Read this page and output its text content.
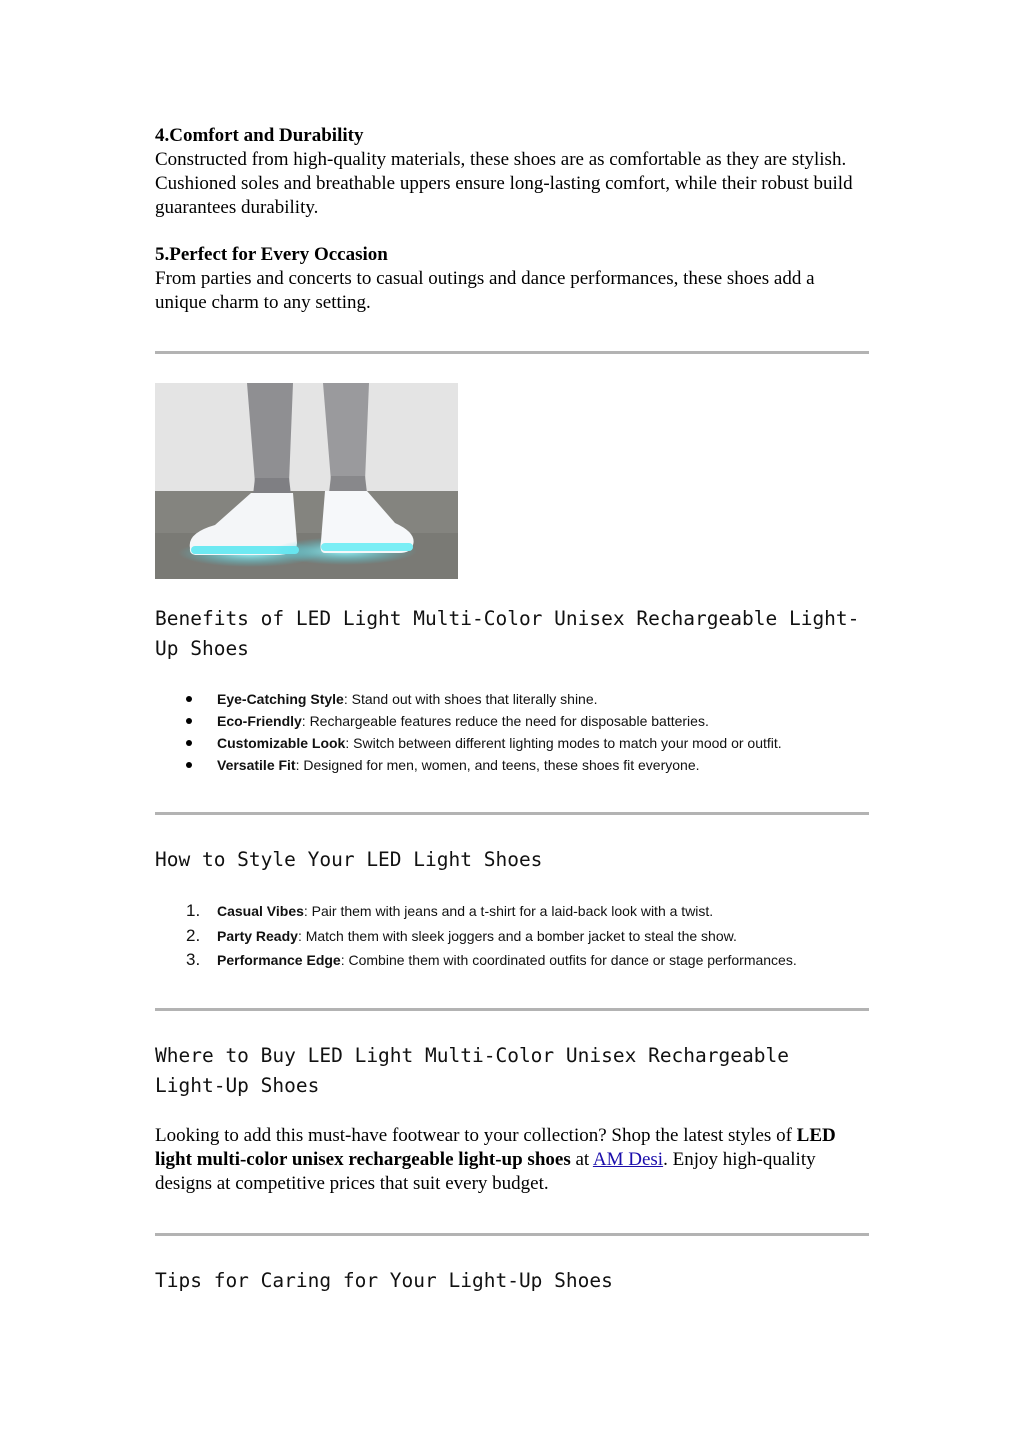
4.Comfort and Durability
Constructed from high-quality materials, these shoes are as comfortable as they are stylish. Cushioned soles and breathable uppers ensure long-lasting comfort, while their robust build guarantees durability.
5.Perfect for Every Occasion
From parties and concerts to casual outings and dance performances, these shoes add a unique charm to any setting.
Benefits of LED Light Multi-Color Unisex Rechargeable Light-Up Shoes
Eye-Catching Style: Stand out with shoes that literally shine.
Eco-Friendly: Rechargeable features reduce the need for disposable batteries.
Customizable Look: Switch between different lighting modes to match your mood or outfit.
Versatile Fit: Designed for men, women, and teens, these shoes fit everyone.
How to Style Your LED Light Shoes
1. Casual Vibes: Pair them with jeans and a t-shirt for a laid-back look with a twist.
2. Party Ready: Match them with sleek joggers and a bomber jacket to steal the show.
3. Performance Edge: Combine them with coordinated outfits for dance or stage performances.
Where to Buy LED Light Multi-Color Unisex Rechargeable Light-Up Shoes
Looking to add this must-have footwear to your collection? Shop the latest styles of LED light multi-color unisex rechargeable light-up shoes at AM Desi. Enjoy high-quality designs at competitive prices that suit every budget.
Tips for Caring for Your Light-Up Shoes
